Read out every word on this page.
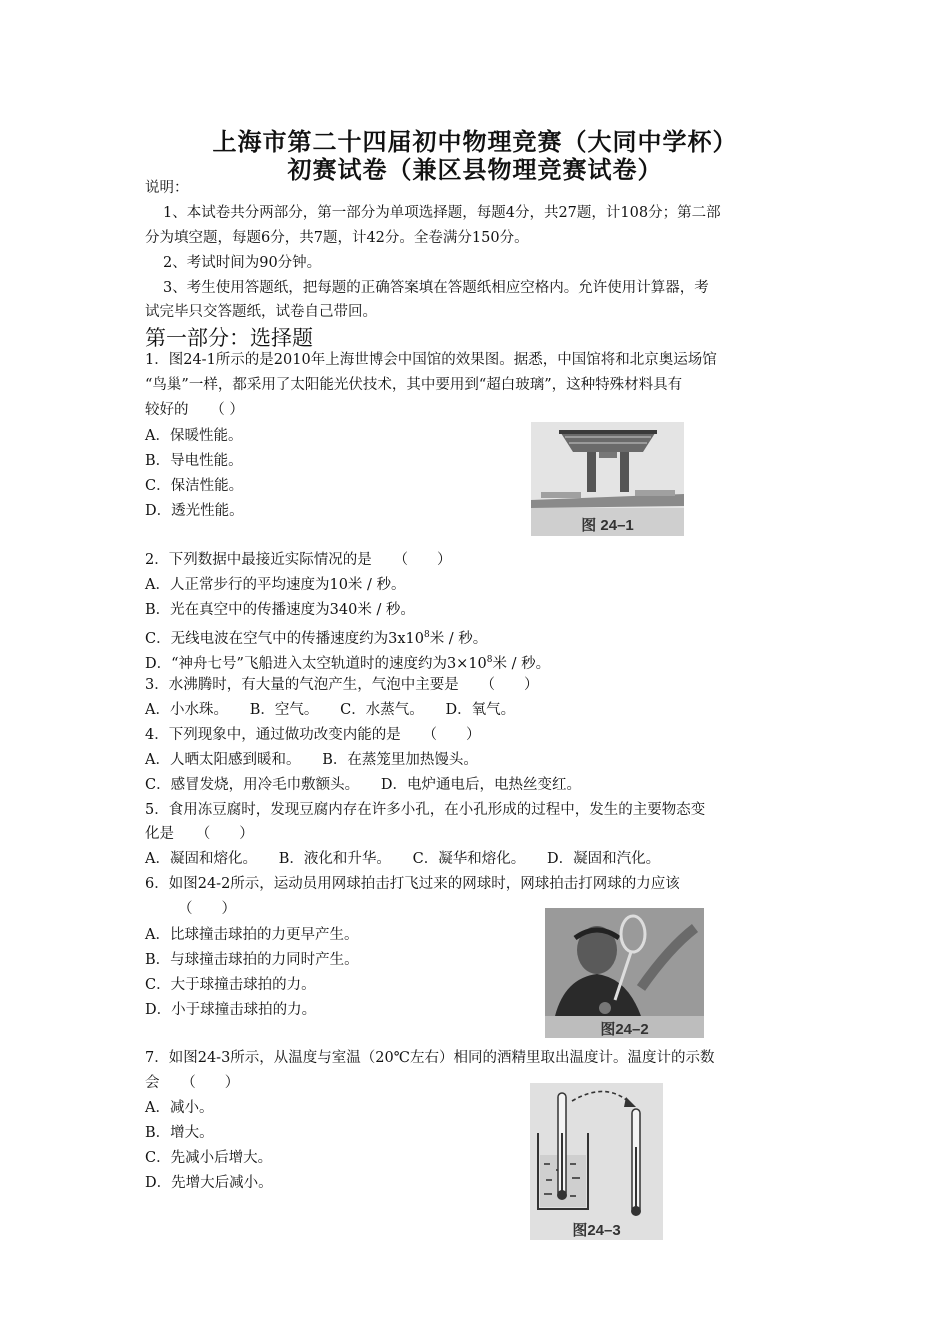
上海市第二十四届初中物理竞赛（大同中学杯）
初赛试卷（兼区县物理竞赛试卷）
说明：
1、本试卷共分两部分，第一部分为单项选择题，每题4分，共27题，计108分；第二部
分为填空题，每题6分，共7题，计42分。全卷满分150分。
2、考试时间为90分钟。
3、考生使用答题纸，把每题的正确答案填在答题纸相应空格内。允许使用计算器，考
试完毕只交答题纸，试卷自己带回。
第一部分：选择题
1．图24-1所示的是2010年上海世博会中国馆的效果图。据悉，中国馆将和北京奥运场馆
“鸟巢”一样，都采用了太阳能光伏技术，其中要用到“超白玻璃”，这种特殊材料具有
较好的　　（ ）
A．保暖性能。
B．导电性能。
C．保洁性能。
D．透光性能。
图 24–1
2．下列数据中最接近实际情况的是　　（　　）
A．人正常步行的平均速度为10米 / 秒。
B．光在真空中的传播速度为340米 / 秒。
C．无线电波在空气中的传播速度约为$3x10^8$米 / 秒。
D．“神舟七号”飞船进入太空轨道时的速度约为$3\times 10^8$米 / 秒。
3．水沸腾时，有大量的气泡产生，气泡中主要是　　（　　）
A．小水珠。　　B．空气。　　C．水蒸气。　　D．氧气。
4．下列现象中，通过做功改变内能的是　　（　　）
A．人晒太阳感到暖和。　　B．在蒸笼里加热馒头。
C．感冒发烧，用冷毛巾敷额头。　　D．电炉通电后，电热丝变红。
5．食用冻豆腐时，发现豆腐内存在许多小孔，在小孔形成的过程中，发生的主要物态变
化是　　（　　）
A．凝固和熔化。　　B．液化和升华。　　C．凝华和熔化。　　D．凝固和汽化。
6．如图24-2所示，运动员用网球拍击打飞过来的网球时，网球拍击打网球的力应该
（　　）
A．比球撞击球拍的力更早产生。
B．与球撞击球拍的力同时产生。
C．大于球撞击球拍的力。
D．小于球撞击球拍的力。
图24–2
7．如图24-3所示，从温度与室温（20℃左右）相同的酒精里取出温度计。温度计的示数
会　　（　　）
A．减小。
B．增大。
C．先减小后增大。
D．先增大后减小。
图24–3
